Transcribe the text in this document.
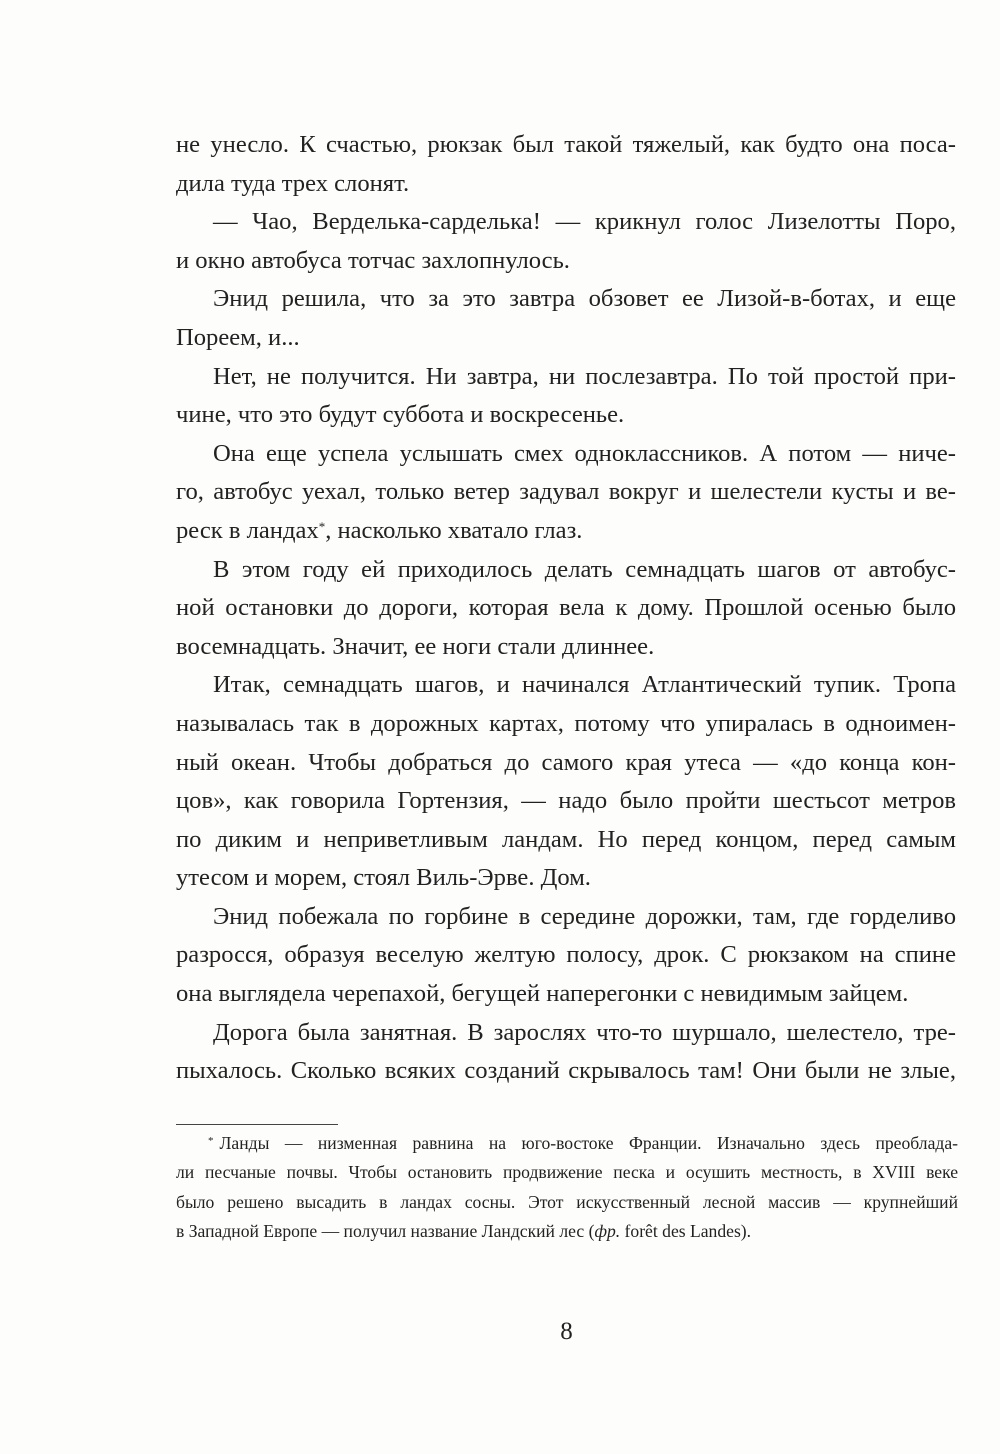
не унесло. К счастью, рюкзак был такой тяжелый, как будто она поса-
дила туда трех слонят.
— Чао, Верделька-сарделька! — крикнул голос Лизелотты Поро,
и окно автобуса тотчас захлопнулось.
Энид решила, что за это завтра обзовет ее Лизой-в-ботах, и еще
Пореем, и...
Нет, не получится. Ни завтра, ни послезавтра. По той простой при-
чине, что это будут суббота и воскресенье.
Она еще успела услышать смех одноклассников. А потом — ниче-
го, автобус уехал, только ветер задувал вокруг и шелестели кусты и ве-
реск в ландах*, насколько хватало глаз.
В этом году ей приходилось делать семнадцать шагов от автобус-
ной остановки до дороги, которая вела к дому. Прошлой осенью было
восемнадцать. Значит, ее ноги стали длиннее.
Итак, семнадцать шагов, и начинался Атлантический тупик. Тропа
называлась так в дорожных картах, потому что упиралась в одноимен-
ный океан. Чтобы добраться до самого края утеса — «до конца кон-
цов», как говорила Гортензия, — надо было пройти шестьсот метров
по диким и неприветливым ландам. Но перед концом, перед самым
утесом и морем, стоял Виль-Эрве. Дом.
Энид побежала по горбине в середине дорожки, там, где горделиво
разросся, образуя веселую желтую полосу, дрок. С рюкзаком на спине
она выглядела черепахой, бегущей наперегонки с невидимым зайцем.
Дорога была занятная. В зарослях что-то шуршало, шелестело, тре-
пыхалось. Сколько всяких созданий скрывалось там! Они были не злые,
* Ланды — низменная равнина на юго-востоке Франции. Изначально здесь преоблада-
ли песчаные почвы. Чтобы остановить продвижение песка и осушить местность, в XVIII веке
было решено высадить в ландах сосны. Этот искусственный лесной массив — крупнейший
в Западной Европе — получил название Ландский лес (фр. forêt des Landes).
8
